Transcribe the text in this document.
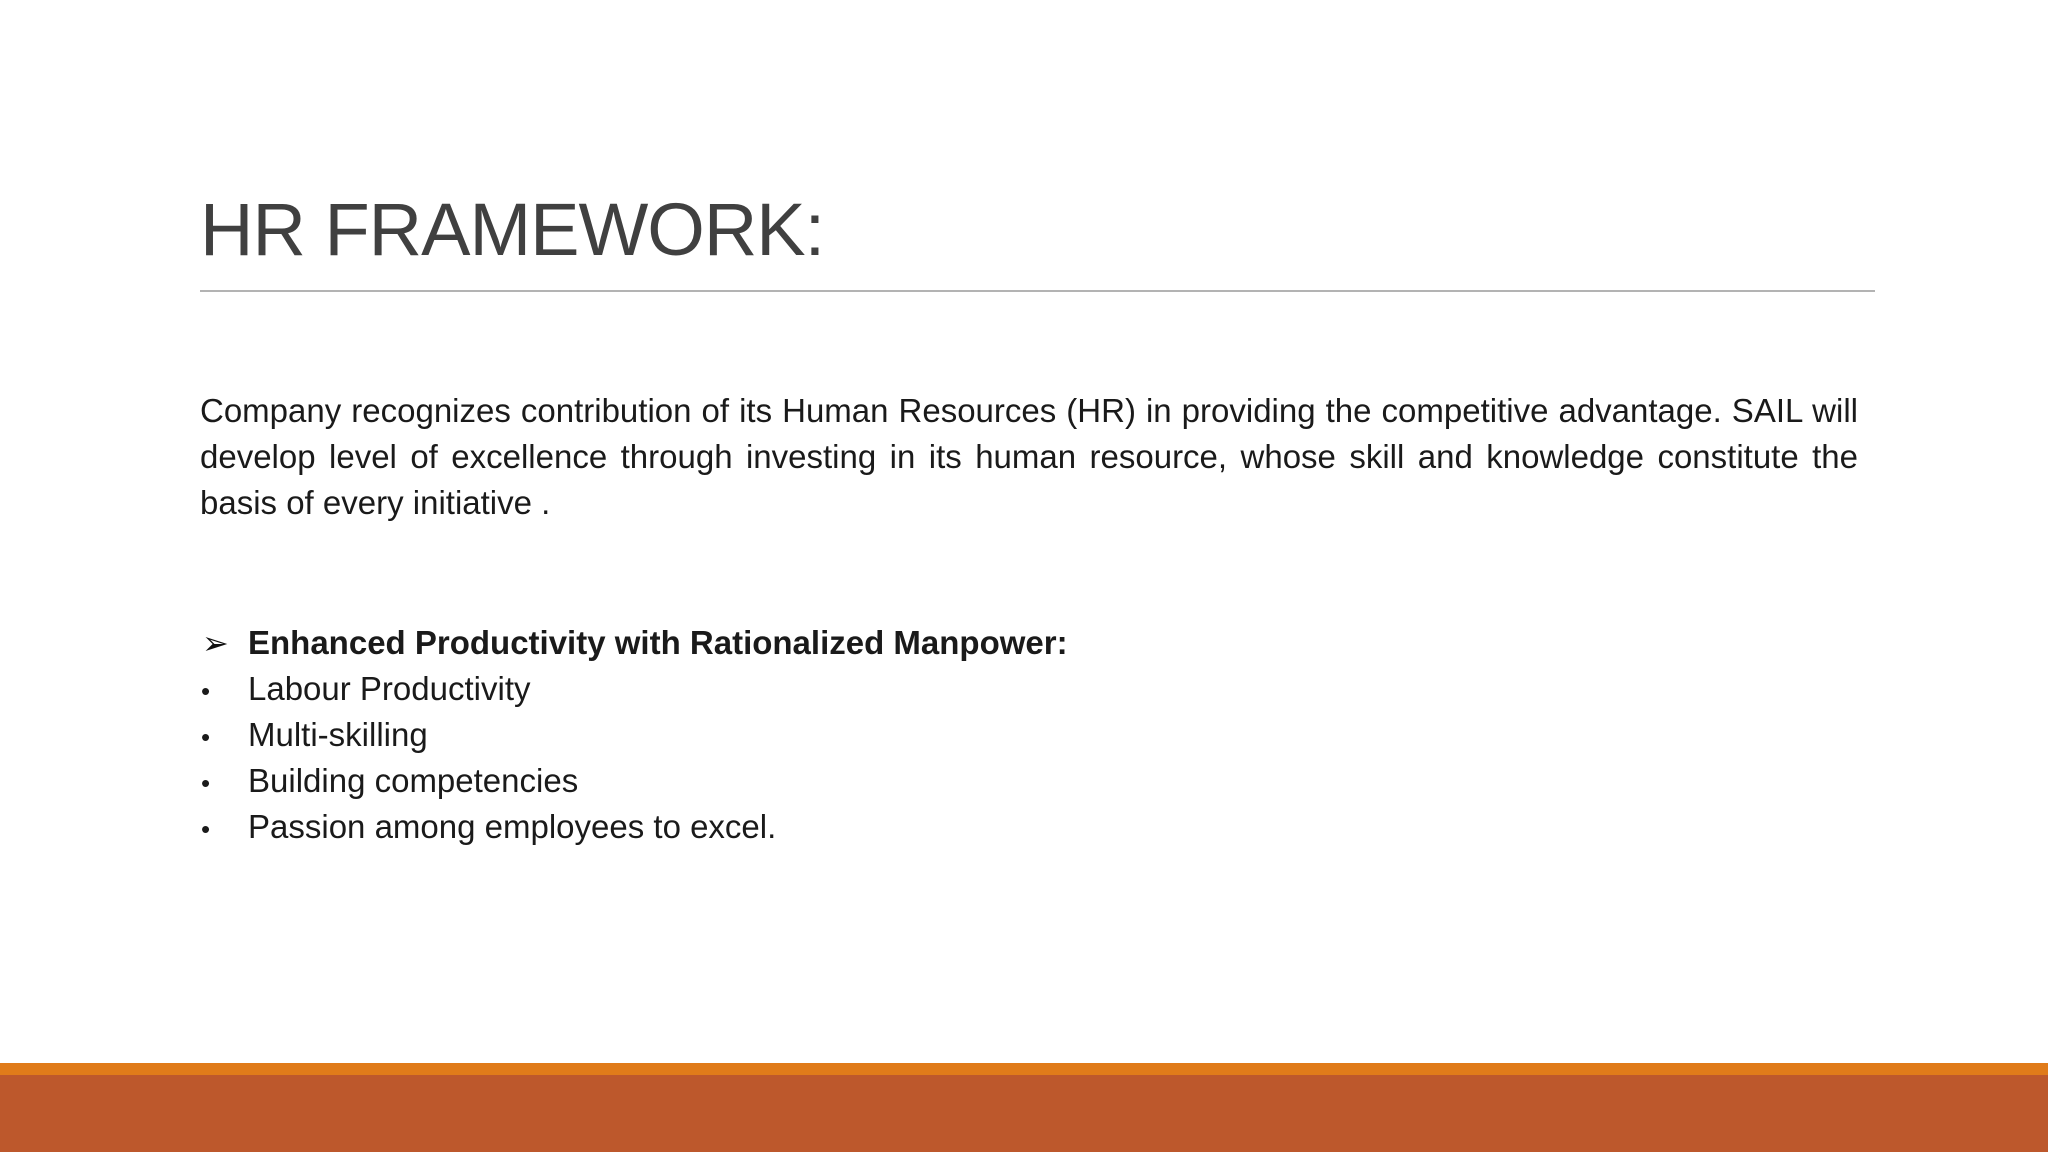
HR FRAMEWORK:

Company recognizes contribution of its Human Resources (HR) in providing the competitive advantage. SAIL will develop level of excellence through investing in its human resource, whose skill and knowledge constitute the basis of every initiative .

➢ Enhanced Productivity with Rationalized Manpower:
•	Labour Productivity
•	Multi-skilling
•	Building competencies
•	Passion among employees to excel.
